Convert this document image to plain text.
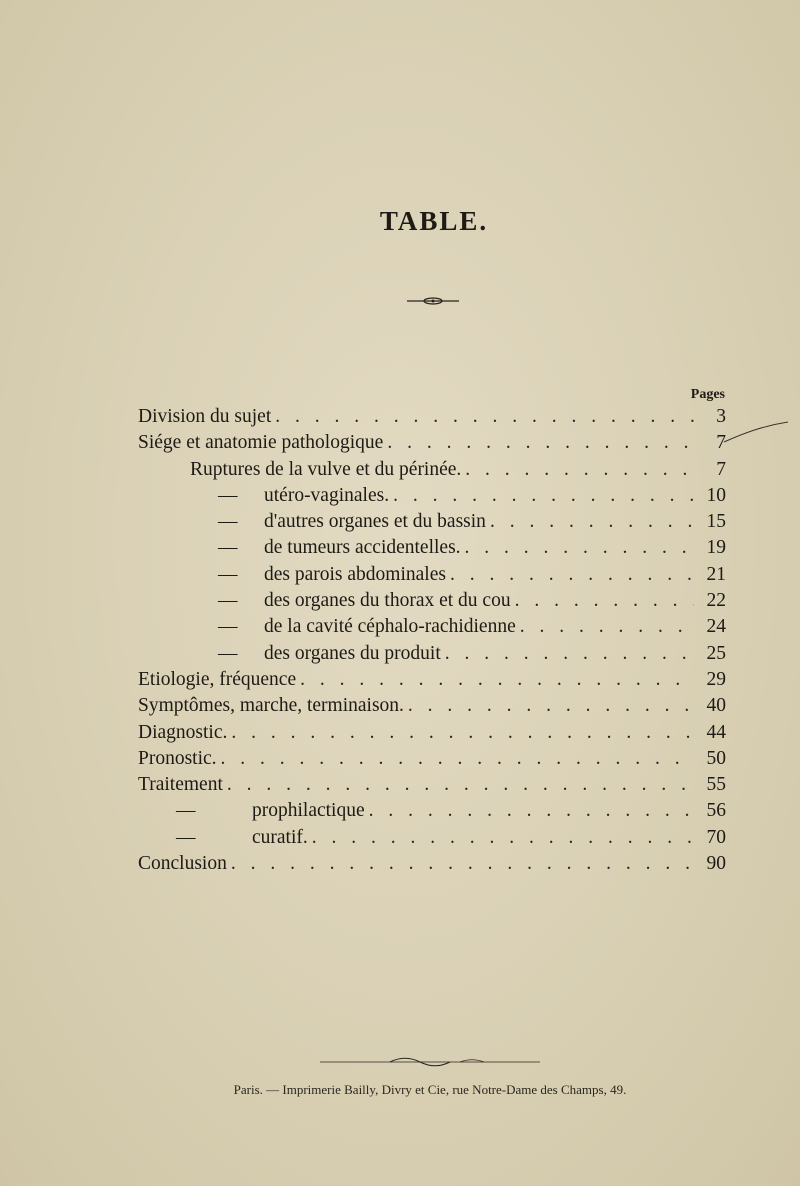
TABLE.
Pages
Division du sujet . . .	3
Siége et anatomie pathologique . . .	7
Ruptures de la vulve et du périnée. . . .	7
—	utéro-vaginales. . . .	10
—	d'autres organes et du bassin . . .	15
—	de tumeurs accidentelles. . . .	19
—	des parois abdominales . . .	21
—	des organes du thorax et du cou . . .	22
—	de la cavité céphalo-rachidienne . . .	24
—	des organes du produit . . .	25
Etiologie, fréquence . . .	29
Symptômes, marche, terminaison. . . .	40
Diagnostic. . . .	44
Pronostic. . . .	50
Traitement . . .	55
—	prophilactique . . .	56
—	curatif. . . .	70
Conclusion . . .	90
Paris. — Imprimerie Bailly, Divry et Cie, rue Notre-Dame des Champs, 49.
